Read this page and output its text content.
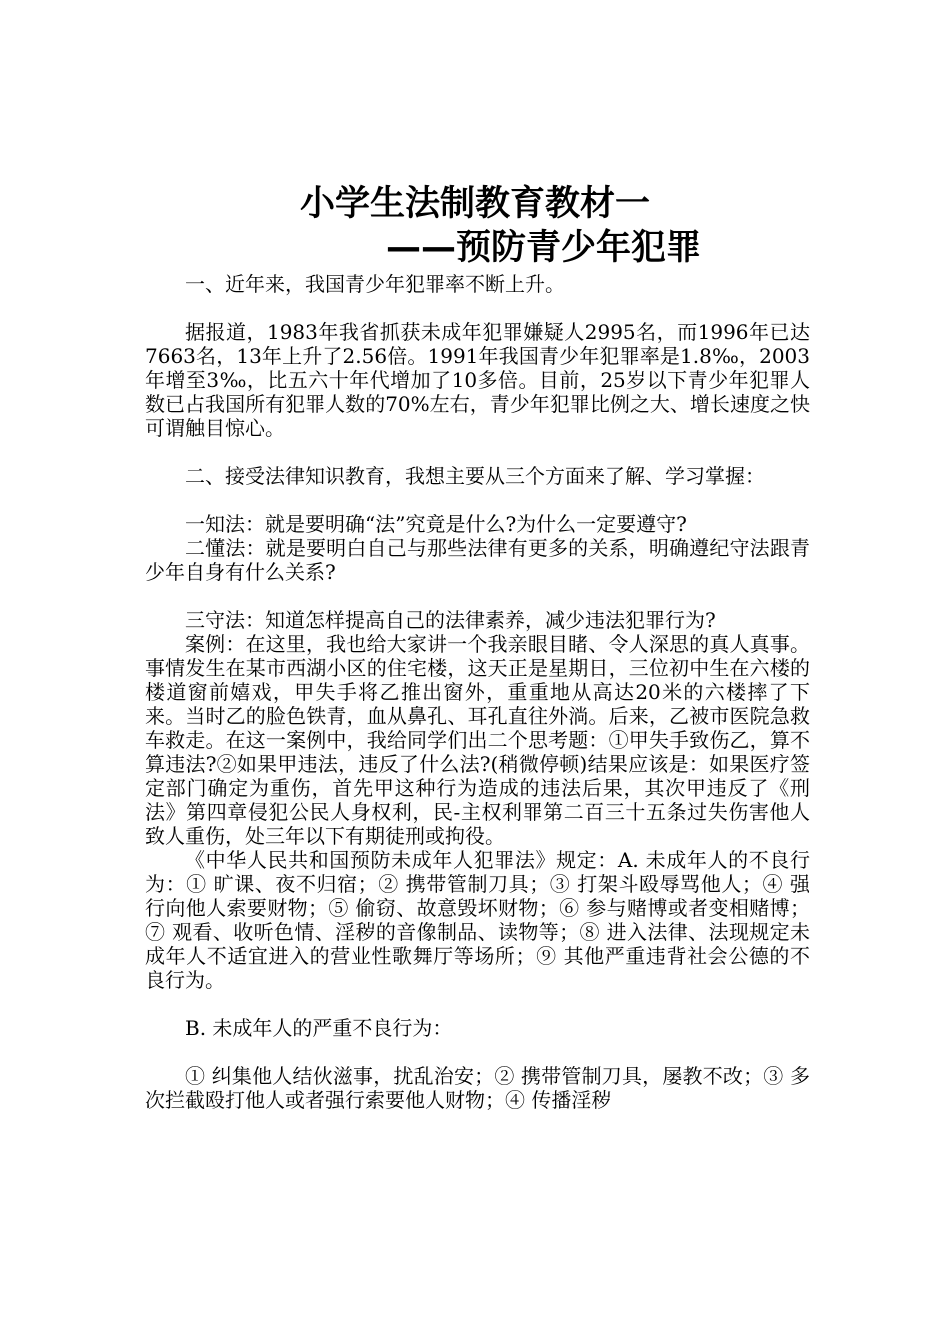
小学生法制教育教材一
——预防青少年犯罪

一、近年来，我国青少年犯罪率不断上升。

据报道，1983年我省抓获未成年犯罪嫌疑人2995名，而1996年已达7663名，13年上升了2.56倍。1991年我国青少年犯罪率是1.8‰，2003年增至3‰，比五六十年代增加了10多倍。目前，25岁以下青少年犯罪人数已占我国所有犯罪人数的70%左右，青少年犯罪比例之大、增长速度之快可谓触目惊心。

二、接受法律知识教育，我想主要从三个方面来了解、学习掌握：

一知法：就是要明确“法”究竟是什么?为什么一定要遵守?

二懂法：就是要明白自己与那些法律有更多的关系，明确遵纪守法跟青少年自身有什么关系?

三守法：知道怎样提高自己的法律素养，减少违法犯罪行为?

案例：在这里，我也给大家讲一个我亲眼目睹、令人深思的真人真事。事情发生在某市西湖小区的住宅楼，这天正是星期日，三位初中生在六楼的楼道窗前嬉戏，甲失手将乙推出窗外，重重地从高达20米的六楼摔了下来。当时乙的脸色铁青，血从鼻孔、耳孔直往外淌。后来，乙被市医院急救车救走。在这一案例中，我给同学们出二个思考题：①甲失手致伤乙，算不算违法?②如果甲违法，违反了什么法?(稍微停顿)结果应该是：如果医疗签定部门确定为重伤，首先甲这种行为造成的违法后果，其次甲违反了《刑法》第四章侵犯公民人身权利，民-主权利罪第二百三十五条过失伤害他人致人重伤，处三年以下有期徒刑或拘役。

《中华人民共和国预防未成年人犯罪法》规定：A. 未成年人的不良行为：① 旷课、夜不归宿；② 携带管制刀具；③ 打架斗殴辱骂他人；④ 强行向他人索要财物；⑤ 偷窃、故意毁坏财物；⑥ 参与赌博或者变相赌博；⑦ 观看、收听色情、淫秽的音像制品、读物等；⑧ 进入法律、法现规定未成年人不适宜进入的营业性歌舞厅等场所；⑨ 其他严重违背社会公德的不良行为。

B. 未成年人的严重不良行为：

① 纠集他人结伙滋事，扰乱治安；② 携带管制刀具，屡教不改；③ 多次拦截殴打他人或者强行索要他人财物；④ 传播淫秽
